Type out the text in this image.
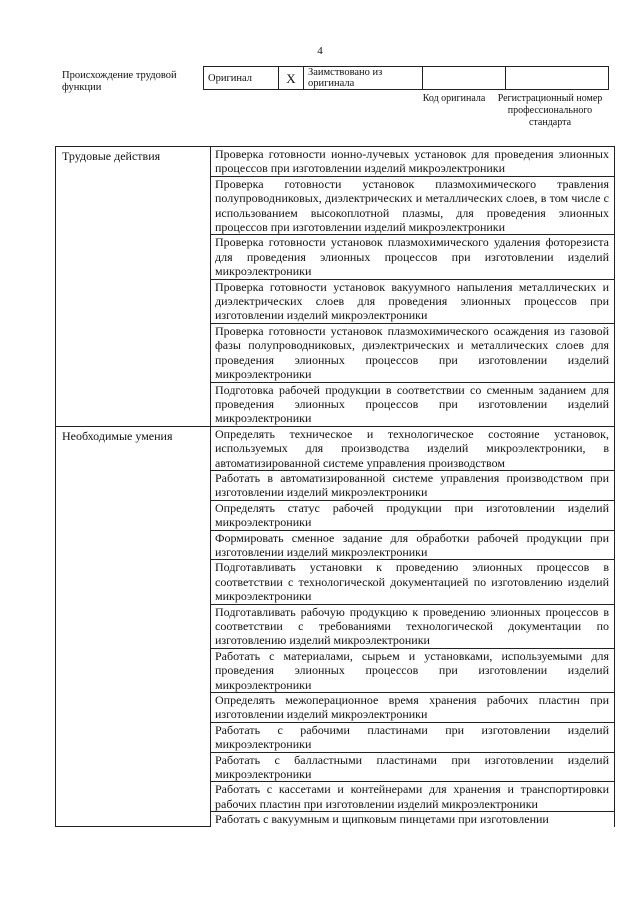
4
Происхождение трудовой функции
Оригинал	X	Заимствовано из оригинала		
Код оригинала	Регистрационный номер профессионального стандарта
Трудовые действия	Проверка готовности ионно-лучевых установок для проведения элионных процессов при изготовлении изделий микроэлектроники
	Проверка готовности установок плазмохимического травления полупроводниковых, диэлектрических и металлических слоев, в том числе с использованием высокоплотной плазмы, для проведения элионных процессов при изготовлении изделий микроэлектроники
	Проверка готовности установок плазмохимического удаления фоторезиста для проведения элионных процессов при изготовлении изделий микроэлектроники
	Проверка готовности установок вакуумного напыления металлических и диэлектрических слоев для проведения элионных процессов при изготовлении изделий микроэлектроники
	Проверка готовности установок плазмохимического осаждения из газовой фазы полупроводниковых, диэлектрических и металлических слоев для проведения элионных процессов при изготовлении изделий микроэлектроники
	Подготовка рабочей продукции в соответствии со сменным заданием для проведения элионных процессов при изготовлении изделий микроэлектроники
Необходимые умения	Определять техническое и технологическое состояние установок, используемых для производства изделий микроэлектроники, в автоматизированной системе управления производством
	Работать в автоматизированной системе управления производством при изготовлении изделий микроэлектроники
	Определять статус рабочей продукции при изготовлении изделий микроэлектроники
	Формировать сменное задание для обработки рабочей продукции при изготовлении изделий микроэлектроники
	Подготавливать установки к проведению элионных процессов в соответствии с технологической документацией по изготовлению изделий микроэлектроники
	Подготавливать рабочую продукцию к проведению элионных процессов в соответствии с требованиями технологической документации по изготовлению изделий микроэлектроники
	Работать с материалами, сырьем и установками, используемыми для проведения элионных процессов при изготовлении изделий микроэлектроники
	Определять межоперационное время хранения рабочих пластин при изготовлении изделий микроэлектроники
	Работать с рабочими пластинами при изготовлении изделий микроэлектроники
	Работать с балластными пластинами при изготовлении изделий микроэлектроники
	Работать с кассетами и контейнерами для хранения и транспортировки рабочих пластин при изготовлении изделий микроэлектроники
	Работать с вакуумным и щипковым пинцетами при изготовлении
